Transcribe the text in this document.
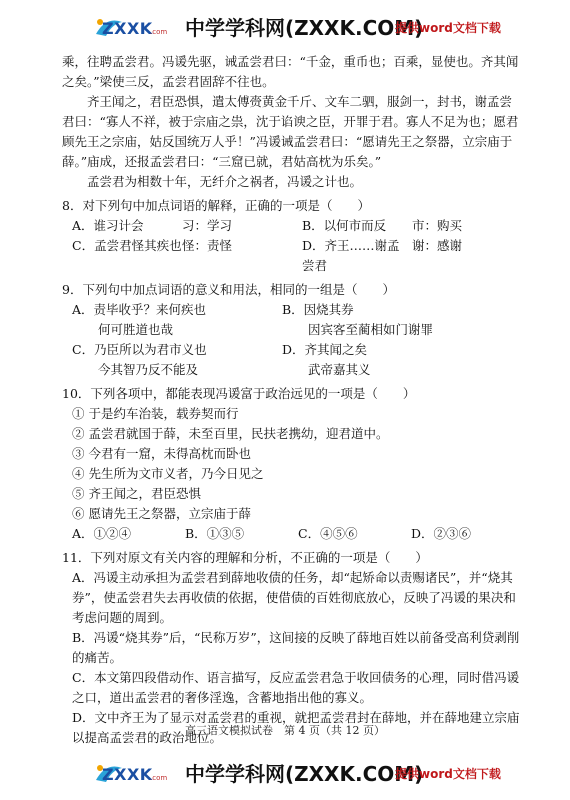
ZXXK
.com 中学学科网(ZXXK.COM)
提供word文档下载

乘，往聘孟尝君。冯谖先驱，诫孟尝君曰：“千金，重币也；百乘，显使也。齐其闻之矣。”梁使三反，孟尝君固辞不往也。

齐王闻之，君臣恐惧，遣太傅赍黄金千斤、文车二驷，服剑一，封书，谢孟尝君曰：“寡人不祥，被于宗庙之祟，沈于谄谀之臣，开罪于君。寡人不足为也；愿君顾先王之宗庙，姑反国统万人乎！”冯谖诫孟尝君曰：“愿请先王之祭器，立宗庙于薛。”庙成，还报孟尝君曰：“三窟已就，君姑高枕为乐矣。”

孟尝君为相数十年，无纤介之祸者，冯谖之计也。

8．对下列句中加点词语的解释，正确的一项是（　　）
A．谁习计会	习：学习	B．以何市而反	市：购买
C．孟尝君怪其疾也 怪：责怪	D．齐王……谢孟尝君
谢：感谢
9．下列句中加点词语的意义和用法，相同的一组是（　　）
A．责毕收乎？来何疾也	B．因烧其券
何可胜道也哉	因宾客至蔺相如门谢罪
C．乃臣所以为君市义也	D．齐其闻之矣
今其智乃反不能及	武帝嘉其义
10．下列各项中，都能表现冯谖富于政治远见的一项是（　　）
① 于是约车治装，载券契而行
② 孟尝君就国于薛，未至百里，民扶老携幼，迎君道中。
③ 今君有一窟，未得高枕而卧也
④ 先生所为文市义者，乃今日见之
⑤ 齐王闻之，君臣恐惧
⑥ 愿请先王之祭器，立宗庙于薛
A．①②④	B．①③⑤	C．④⑤⑥	D．②③⑥
11．下列对原文有关内容的理解和分析，不正确的一项是（　　）
A．冯谖主动承担为孟尝君到薛地收债的任务，却“起矫命以责赐诸民”，并“烧其券”，使孟尝君失去再收债的依据，使借债的百姓彻底放心，反映了冯谖的果决和考虑问题的周到。
B．冯谖“烧其券”后，“民称万岁”，这间接的反映了薛地百姓以前备受高利贷剥削的痛苦。
C．本文第四段借动作、语言描写，反应孟尝君急于收回债务的心理，同时借冯谖之口，道出孟尝君的奢侈淫逸，含蓄地指出他的寡义。
D．文中齐王为了显示对孟尝君的重视，就把孟尝君封在薛地，并在薛地建立宗庙以提高孟尝君的政治地位。
高三语文模拟试卷　第 4 页（共 12 页）
ZXXK
.com 中学学科网(ZXXK.COM)
提供word文档下载
